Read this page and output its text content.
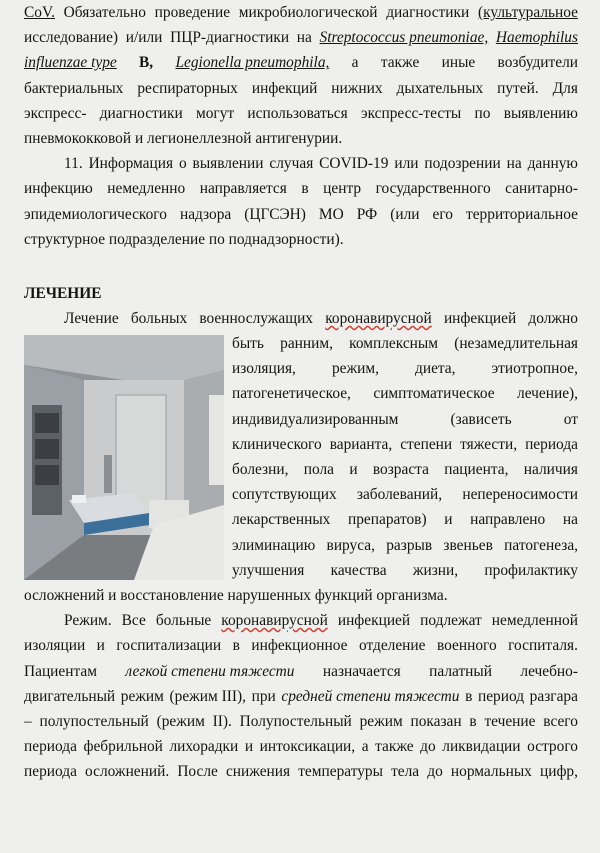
CoV. Обязательно проведение микробиологической диагностики (культуральное
исследование) и/или ПЦР-диагностики на Streptococcus pneumoniae, Haemophilus
influenzae type B, Legionella pneumophila, а также иные возбудители
бактериальных респираторных инфекций нижних дыхательных путей. Для
экспресс- диагностики могут использоваться экспресс-тесты по выявлению
пневмококковой и легионеллезной антигенурии.
11. Информация о выявлении случая COVID-19 или подозрении на данную
инфекцию немедленно направляется в центр государственного санитарно-
эпидемиологического надзора (ЦГСЭН) МО РФ (или его территориальное
структурное подразделение по поднадзорности).
ЛЕЧЕНИЕ
Лечение больных военнослужащих коронавирусной инфекцией должно
быть ранним, комплексным (незамедлительная
изоляция, режим, диета, этиотропное,
патогенетическое, симптоматическое лечение),
индивидуализированным	(зависеть	от
клинического варианта, степени тяжести, периода
болезни, пола и возраста пациента, наличия
сопутствующих заболеваний, непереносимости
лекарственных препаратов) и направлено на
элиминацию вируса, разрыв звеньев патогенеза,
улучшения качества жизни, профилактику
осложнений и восстановление нарушенных функций организма.
Режим. Все больные коронавирусной инфекцией подлежат немедленной
изоляции и госпитализации в инфекционное отделение военного госпиталя.
Пациентам легкой степени тяжести назначается палатный лечебно-
двигательный режим (режим III), при средней степени тяжести в период разгара
– полупостельный (режим II). Полупостельный режим показан в течение всего
периода фебрильной лихорадки и интоксикации, а также до ликвидации острого
периода осложнений. После снижения температуры тела до нормальных цифр,
